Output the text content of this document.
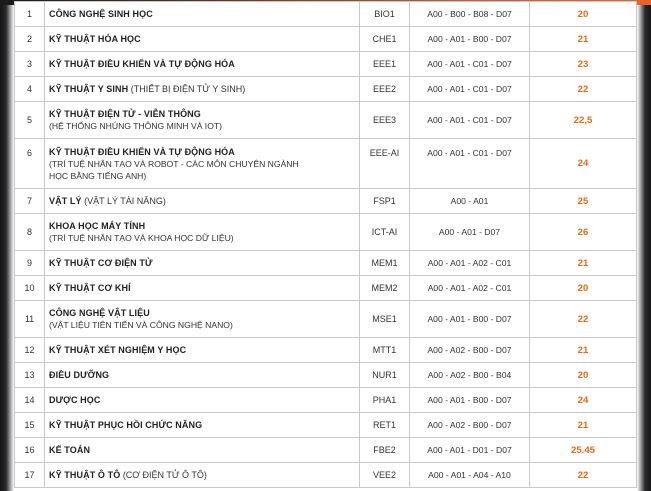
1	CÔNG NGHỆ SINH HỌC	BIO1	A00 - B00 - B08 - D07	20
2	KỸ THUẬT HÓA HỌC	CHE1	A00 - A01 - B00 - D07	21
3	KỸ THUẬT ĐIỀU KHIỂN VÀ TỰ ĐỘNG HÓA	EEE1	A00 - A01 - C01 - D07	23
4	KỸ THUẬT Y SINH (THIẾT BỊ ĐIỆN TỬ Y SINH)	EEE2	A00 - A01 - C01 - D07	22
5	KỸ THUẬT ĐIỆN TỬ - VIỄN THÔNG
(HỆ THỐNG NHÚNG THÔNG MINH VÀ IOT)	EEE3	A00 - A01 - C01 - D07	22,5
6	KỸ THUẬT ĐIỀU KHIỂN VÀ TỰ ĐỘNG HÓA
(TRÍ TUỆ NHÂN TẠO VÀ ROBOT - CÁC MÔN CHUYÊN NGÀNH
HỌC BẰNG TIẾNG ANH)	EEE-AI	A00 - A01 - C01 - D07	24
7	VẬT LÝ (VẬT LÝ TÀI NĂNG)	FSP1	A00 - A01	25
8	KHOA HỌC MÁY TÍNH
(TRÍ TUỆ NHÂN TẠO VÀ KHOA HỌC DỮ LIỆU)	ICT-AI	A00 - A01 - D07	26
9	KỸ THUẬT CƠ ĐIỆN TỬ	MEM1	A00 - A01 - A02 - C01	21
10	KỸ THUẬT CƠ KHÍ	MEM2	A00 - A01 - A02 - C01	20
11	CÔNG NGHỆ VẬT LIỆU
(VẬT LIỆU TIÊN TIẾN VÀ CÔNG NGHỆ NANO)	MSE1	A00 - A01 - B00 - D07	22
12	KỸ THUẬT XÉT NGHIỆM Y HỌC	MTT1	A00 - A02 - B00 - D07	21
13	ĐIỀU DƯỠNG	NUR1	A00 - A02 - B00 - B04	20
14	DƯỢC HỌC	PHA1	A00 - A01 - B00 - D07	24
15	KỸ THUẬT PHỤC HỒI CHỨC NĂNG	RET1	A00 - A02 - B00 - D07	21
16	KẾ TOÁN	FBE2	A00 - A01 - D01 - D07	25.45
17	KỸ THUẬT Ô TÔ (CƠ ĐIỆN TỬ Ô TÔ)	VEE2	A00 - A01 - A04 - A10	22
